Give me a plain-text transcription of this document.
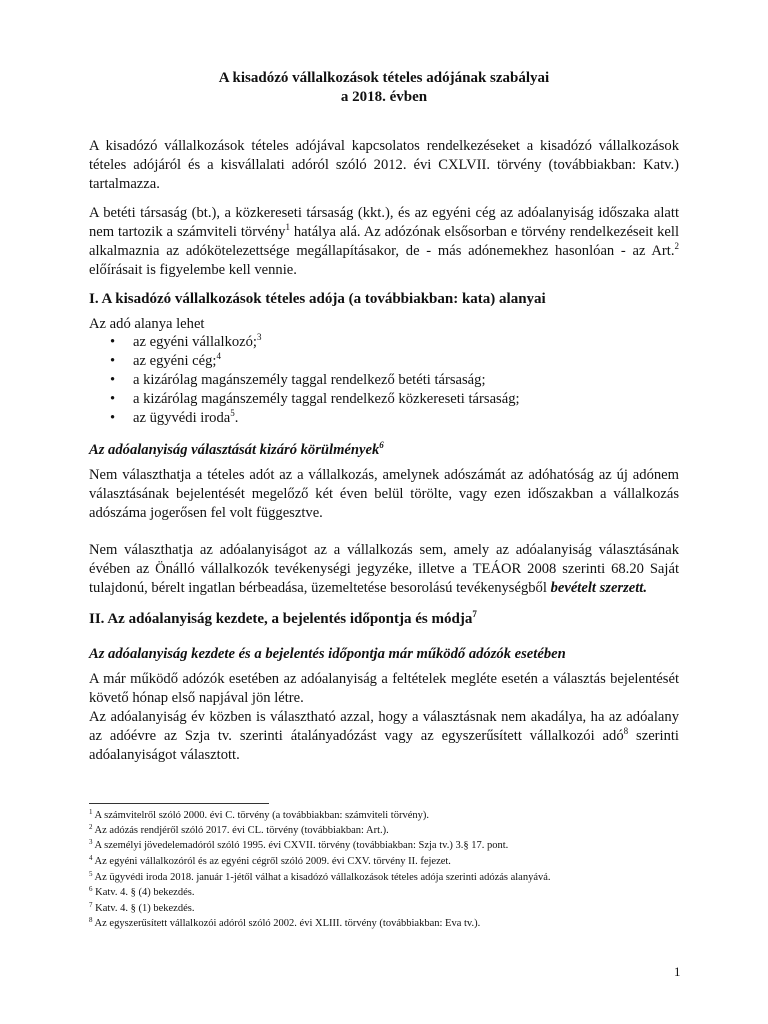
A kisadózó vállalkozások tételes adójának szabályai
a 2018. évben

A kisadózó vállalkozások tételes adójával kapcsolatos rendelkezéseket a kisadózó vállalkozások tételes adójáról és a kisvállalati adóról szóló 2012. évi CXLVII. törvény (továbbiakban: Katv.) tartalmazza.

A betéti társaság (bt.), a közkereseti társaság (kkt.), és az egyéni cég az adóalanyiság időszaka alatt nem tartozik a számviteli törvény$^1$ hatálya alá. Az adózónak elsősorban e törvény rendelkezéseit kell alkalmaznia az adókötelezettsége megállapításakor, de - más adónemekhez hasonlóan - az Art.$^2$ előírásait is figyelembe kell vennie.

I. A kisadózó vállalkozások tételes adója (a továbbiakban: kata) alanyai

Az adó alanya lehet

• az egyéni vállalkozó;$^3$
• az egyéni cég;$^4$
• a kizárólag magánszemély taggal rendelkező betéti társaság;
• a kizárólag magánszemély taggal rendelkező közkereseti társaság;
• az ügyvédi iroda$^5$.

Az adóalanyiság választását kizáró körülmények$^6$

Nem választhatja a tételes adót az a vállalkozás, amelynek adószámát az adóhatóság az új adónem választásának bejelentését megelőző két éven belül törölte, vagy ezen időszakban a vállalkozás adószáma jogerősen fel volt függesztve.

Nem választhatja az adóalanyiságot az a vállalkozás sem, amely az adóalanyiság választásának évében az Önálló vállalkozók tevékenységi jegyzéke, illetve a TEÁOR 2008 szerinti 68.20 Saját tulajdonú, bérelt ingatlan bérbeadása, üzemeltetése besorolású tevékenységből bevételt szerzett.

II. Az adóalanyiság kezdete, a bejelentés időpontja és módja$^7$

Az adóalanyiság kezdete és a bejelentés időpontja már működő adózók esetében

A már működő adózók esetében az adóalanyiság a feltételek megléte esetén a választás bejelentését követő hónap első napjával jön létre.

Az adóalanyiság év közben is választható azzal, hogy a választásnak nem akadálya, ha az adóalany az adóévre az Szja tv. szerinti átalányadózást vagy az egyszerűsített vállalkozói adó$^8$ szerinti adóalanyiságot választott.

$^1$ A számvitelről szóló 2000. évi C. törvény (a továbbiakban: számviteli törvény).

$^2$ Az adózás rendjéről szóló 2017. évi CL. törvény (továbbiakban: Art.).

$^3$ A személyi jövedelemadóról szóló 1995. évi CXVII. törvény (továbbiakban: Szja tv.) 3.§ 17. pont.

$^4$ Az egyéni vállalkozóról és az egyéni cégről szóló 2009. évi CXV. törvény II. fejezet.

$^5$ Az ügyvédi iroda 2018. január 1-jétől válhat a kisadózó vállalkozások tételes adója szerinti adózás alanyává.

$^6$ Katv. 4. § (4) bekezdés.

$^7$ Katv. 4. § (1) bekezdés.

$^8$ Az egyszerűsített vállalkozói adóról szóló 2002. évi XLIII. törvény (továbbiakban: Eva tv.).

1
